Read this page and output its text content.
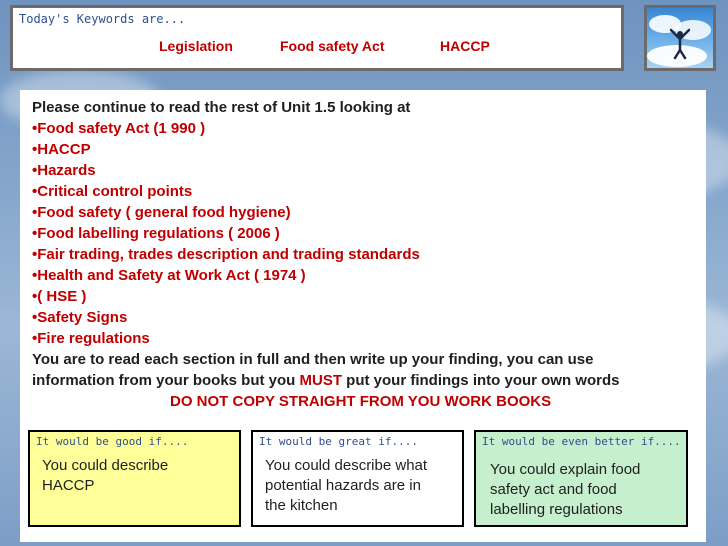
Today's Keywords are...
Legislation	Food safety Act	HACCP
Please continue to read the rest of Unit 1.5 looking at
•Food safety Act (1 990 )
•HACCP
•Hazards
•Critical control points
•Food safety ( general food hygiene)
•Food labelling regulations ( 2006 )
•Fair trading, trades description and trading standards
•Health and Safety at Work Act ( 1974 )
•( HSE )
•Safety Signs
•Fire regulations
You are to read each section in full and then write up your finding, you can use
information from your books but you MUST put your findings into your own words
DO NOT COPY STRAIGHT FROM YOU WORK BOOKS
It would be good if....
You could describe
HACCP
It would be great if....
You could describe what
potential hazards are in
the kitchen
It would be even better if....
You could explain food
safety act and food
labelling regulations
